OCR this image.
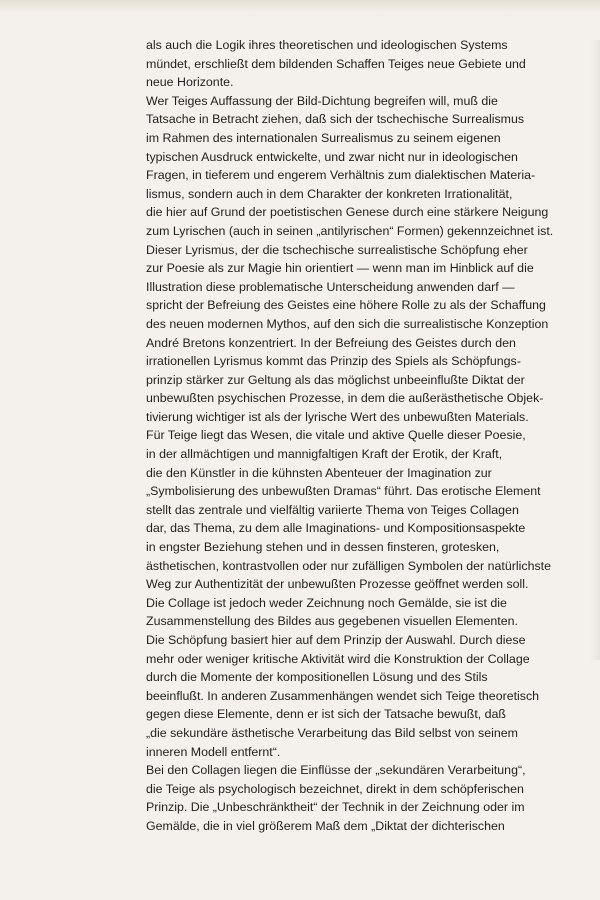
als auch die Logik ihres theoretischen und ideologischen Systems
mündet, erschließt dem bildenden Schaffen Teiges neue Gebiete und
neue Horizonte.
Wer Teiges Auffassung der Bild-Dichtung begreifen will, muß die
Tatsache in Betracht ziehen, daß sich der tschechische Surrealismus
im Rahmen des internationalen Surrealismus zu seinem eigenen
typischen Ausdruck entwickelte, und zwar nicht nur in ideologischen
Fragen, in tieferem und engerem Verhältnis zum dialektischen Materia-
lismus, sondern auch in dem Charakter der konkreten Irrationalität,
die hier auf Grund der poetistischen Genese durch eine stärkere Neigung
zum Lyrischen (auch in seinen „antilyrischen“ Formen) gekennzeichnet ist.
Dieser Lyrismus, der die tschechische surrealistische Schöpfung eher
zur Poesie als zur Magie hin orientiert — wenn man im Hinblick auf die
Illustration diese problematische Unterscheidung anwenden darf —
spricht der Befreiung des Geistes eine höhere Rolle zu als der Schaffung
des neuen modernen Mythos, auf den sich die surrealistische Konzeption
André Bretons konzentriert. In der Befreiung des Geistes durch den
irrationellen Lyrismus kommt das Prinzip des Spiels als Schöpfungs-
prinzip stärker zur Geltung als das möglichst unbeeinflußte Diktat der
unbewußten psychischen Prozesse, in dem die außerästhetische Objek-
tivierung wichtiger ist als der lyrische Wert des unbewußten Materials.
Für Teige liegt das Wesen, die vitale und aktive Quelle dieser Poesie,
in der allmächtigen und mannigfaltigen Kraft der Erotik, der Kraft,
die den Künstler in die kühnsten Abenteuer der Imagination zur
„Symbolisierung des unbewußten Dramas“ führt. Das erotische Element
stellt das zentrale und vielfältig variierte Thema von Teiges Collagen
dar, das Thema, zu dem alle Imaginations- und Kompositionsaspekte
in engster Beziehung stehen und in dessen finsteren, grotesken,
ästhetischen, kontrastvollen oder nur zufälligen Symbolen der natürlichste
Weg zur Authentizität der unbewußten Prozesse geöffnet werden soll.
Die Collage ist jedoch weder Zeichnung noch Gemälde, sie ist die
Zusammenstellung des Bildes aus gegebenen visuellen Elementen.
Die Schöpfung basiert hier auf dem Prinzip der Auswahl. Durch diese
mehr oder weniger kritische Aktivität wird die Konstruktion der Collage
durch die Momente der kompositionellen Lösung und des Stils
beeinflußt. In anderen Zusammenhängen wendet sich Teige theoretisch
gegen diese Elemente, denn er ist sich der Tatsache bewußt, daß
„die sekundäre ästhetische Verarbeitung das Bild selbst von seinem
inneren Modell entfernt“.
Bei den Collagen liegen die Einflüsse der „sekundären Verarbeitung“,
die Teige als psychologisch bezeichnet, direkt in dem schöpferischen
Prinzip. Die „Unbeschränktheit“ der Technik in der Zeichnung oder im
Gemälde, die in viel größerem Maß dem „Diktat der dichterischen
